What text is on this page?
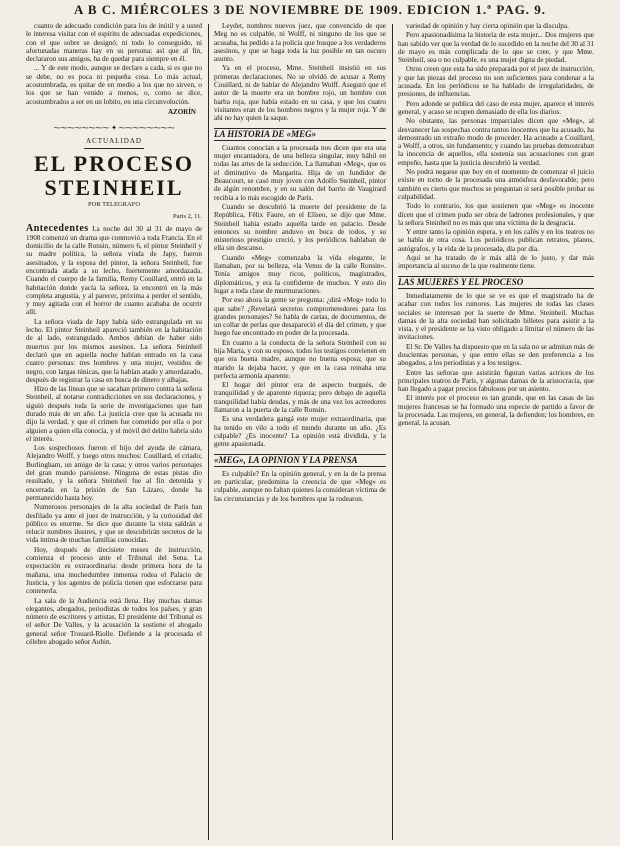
A B C. MIÉRCOLES 3 DE NOVIEMBRE DE 1909. EDICION 1.ª PAG. 9.

cuanto de adecuado condición para los de inútil y a usted le interesa visitar con el espíritu de adecuadas expediciones, con el que sobre se designó; ni todo lo conseguido, ni afortunadas maneras hay en su persona; así que al fin, declararon sus amigos, ha de quedar para siempre en él.

... Y de este modo, aunque se declare a cada, si es que no se debe, no es poca ni pequeña cosa. Lo más actual, acostumbrada, es quitar de en medio a los que no sirven, o los que se han venido a menos, o, como se dice, acostumbrados a ser en un lobito, en una circunvolución.

AZORÍN
⁓⁓⁓⁓⁓⁓⁓⁓ ✦ ⁓⁓⁓⁓⁓⁓⁓⁓
ACTUALIDAD
EL PROCESO STEINHEIL
POR TELEGRAFO
Paris 2, 11.

Antecedentes La noche del 30 al 31 de mayo de 1908 comenzó un drama que conmovió a toda Francia. En el domicilio de la calle Ronsin, número 6, el pintor Steinheil y su madre política, la señora viuda de Japy, fueron asesinados, y la esposa del pintor, la señora Steinheil, fue encontrada atada a su lecho, fuertemente amordazada. Cuando el cuerpo de la familia, Remy Couillard, entró en la habitación donde yacía la señora, la encontró en la más completa angustia, y al parecer, próxima a perder el sentido, y muy agitada con el horror de cuanto acababa de ocurrir allí.

La señora viuda de Japy había sido estrangulada en su lecho. El pintor Steinheil apareció también en la habitación de al lado, estrangulado. Ambos debían de haber sido muertos por los mismos asesinos. La señora Steinheil declaró que en aquella noche habían entrado en la casa cuatro personas: tres hombres y una mujer, vestidos de negro, con largas túnicas, que la habían atado y amordazado, después de registrar la casa en busca de dinero y alhajas.

Hizo de las líneas que se sacaban primero contra la señora Steinheil, al notarse contradicciones en sus declaraciones, y siguió después toda la serie de investigaciones que han durado más de un año. La justicia cree que la acusada no dijo la verdad, y que el crimen fue cometido por ella o por alguien a quien ella conocía, y el móvil del delito habría sido el interés.

Los sospechosos fueron el hijo del ayuda de cámara, Alejandro Wolff, y luego otros muchos: Couillard, el criado; Burlingham, un amigo de la casa; y otros varios personajes del gran mundo parisiense. Ninguna de estas pistas dio resultado, y la señora Steinheil fue al fin detenida y encerrada en la prisión de San Lázaro, donde ha permanecido hasta hoy.

Numerosos personajes de la alta sociedad de París han desfilado ya ante el juez de instrucción, y la curiosidad del público es enorme. Se dice que durante la vista saldrán a relucir nombres ilustres, y que se descubrirán secretos de la vida íntima de muchas familias conocidas.

Hoy, después de diecisiete meses de instrucción, comienza el proceso ante el Tribunal del Sena. La expectación es extraordinaria: desde primera hora de la mañana, una muchedumbre inmensa rodea el Palacio de Justicia, y los agentes de policía tienen que esforzarse para contenerla.

La sala de la Audiencia está llena. Hay muchas damas elegantes, abogados, periodistas de todos los países, y gran número de escritores y artistas. El presidente del Tribunal es el señor De Valles, y la acusación la sostiene el abogado general señor Trouard-Riolle. Defiende a la procesada el célebre abogado señor Aubin.

Leydet, nombres nuevos juez, que convencido de que Meg no es culpable, ni Wolff, ni ninguno de los que se acusaba, ha pedido a la policía que busque a los verdaderos asesinos, y que se haga toda la luz posible en tan oscuro asunto.

Ya en el proceso, Mme. Steinheil insistió en sus primeras declaraciones. No se olvidó de acusar a Remy Couillard, ni de hablar de Alejandro Wolff. Aseguró que el autor de la muerte era un hombre rojo, un hombre con barba roja, que había estado en su casa, y que los cuatro visitantes eran de los hombres negros y la mujer roja. Y de ahí no hay quien la saque.

LA HISTORIA DE «MEG»

Cuantos conocían a la procesada nos dicen que era una mujer encantadora, de una belleza singular, muy hábil en todas las artes de la seducción. La llamaban «Meg», que es el diminutivo de Margarita. Hija de un fundidor de Beaucourt, se casó muy joven con Adolfo Steinheil, pintor de algún renombre, y en su salón del barrio de Vaugirard recibía a lo más escogido de París.

Cuando se descubrió la muerte del presidente de la República, Félix Faure, en el Elíseo, se dijo que Mme. Steinheil había estado aquella tarde en palacio. Desde entonces su nombre anduvo en boca de todos, y su misterioso prestigio creció, y los periódicos hablaban de ella sin descanso.

Cuando «Meg» comenzaba la vida elegante, le llamaban, por su belleza, «la Venus de la calle Ronsin». Tenía amigos muy ricos, políticos, magistrados, diplomáticos, y era la confidente de muchos. Y esto dio lugar a toda clase de murmuraciones.

Por eso ahora la gente se pregunta: ¿dirá «Meg» todo lo que sabe? ¿Revelará secretos comprometedores para los grandes personajes? Se habla de cartas, de documentos, de un collar de perlas que desapareció el día del crimen, y que luego fue encontrado en poder de la procesada.

En cuanto a la conducta de la señora Steinheil con su hija Marta, y con su esposo, todos los testigos convienen en que era buena madre, aunque no buena esposa; que su marido la dejaba hacer, y que en la casa reinaba una perfecta armonía aparente.

El hogar del pintor era de aspecto burgués, de tranquilidad y de aparente riqueza; pero debajo de aquella tranquilidad había deudas, y más de una vez los acreedores llamaron a la puerta de la calle Ronsin.

Es una verdadera gangá este mujer extraordinaria, que ha tenido en vilo a todo el mundo durante un año. ¿Es culpable? ¿Es inocente? La opinión está dividida, y la gente apasionada.

«MEG», LA OPINION Y LA PRENSA

Es culpable? En la opinión general, y en la de la prensa en particular, predomina la creencia de que «Meg» es culpable, aunque no faltan quienes la consideran víctima de las circunstancias y de los hombres que la rodearon.

variedad de opinión y hay cierta opinión que la disculpa.

Pero apasionadísima la historia de esta mujer... Dos mujeres que han sabido ver que la verdad de lo sucedido en la noche del 30 al 31 de mayo es más complicada de lo que se cree, y que Mme. Steinheil, sea o no culpable, es una mujer digna de piedad.

Otros creen que esta ha sido preparada por el juez de instrucción, y que las piezas del proceso no son suficientes para condenar a la acusada. En los periódicos se ha hablado de irregularidades, de presiones, de influencias.

Pero adonde se publica del caso de esta mujer, aparece el interés general, y acaso se ocupen demasiado de ella los diarios.

No obstante, las personas imparciales dicen que «Meg», al desvanecer las sospechas contra tantos inocentes que ha acusado, ha demostrado un extraño modo de proceder. Ha acusado a Couillard, a Wolff, a otros, sin fundamento; y cuando las pruebas demostraban la inocencia de aquellos, ella sostenía sus acusaciones con gran empeño, hasta que la justicia descubrió la verdad.

No podrá negarse que hoy en el momento de comenzar el juicio existe en torno de la procesada una atmósfera desfavorable; pero también es cierto que muchos se preguntan si será posible probar su culpabilidad.

Todo lo contrario, los que sostienen que «Meg» es inocente dicen que el crimen pudo ser obra de ladrones profesionales, y que la señora Steinheil no es más que una víctima de la desgracia.

Y entre tanto la opinión espera, y en los cafés y en los teatros no se habla de otra cosa. Los periódicos publican retratos, planos, autógrafos, y la vida de la procesada, día por día.

Aquí se ha tratado de ir más allá de lo justo, y dar más importancia al suceso de la que realmente tiene.

LAS MUJERES Y EL PROCESO

Inmediatamente de lo que se ve es que el magistrado ha de acabar con todos los rumores. Las mujeres de todas las clases sociales se interesan por la suerte de Mme. Steinheil. Muchas damas de la alta sociedad han solicitado billetes para asistir a la vista, y el presidente se ha visto obligado a limitar el número de las invitaciones.

El Sr. De Valles ha dispuesto que en la sala no se admitan más de doscientas personas, y que entre ellas se den preferencia a los abogados, a los periodistas y a los testigos.

Entre las señoras que asistirán figuran varias actrices de los principales teatros de París, y algunas damas de la aristocracia, que han llegado a pagar precios fabulosos por un asiento.

El interés por el proceso es tan grande, que en las casas de las mujeres francesas se ha formado una especie de partido a favor de la procesada. Las mujeres, en general, la defienden; los hombres, en general, la acusan.
